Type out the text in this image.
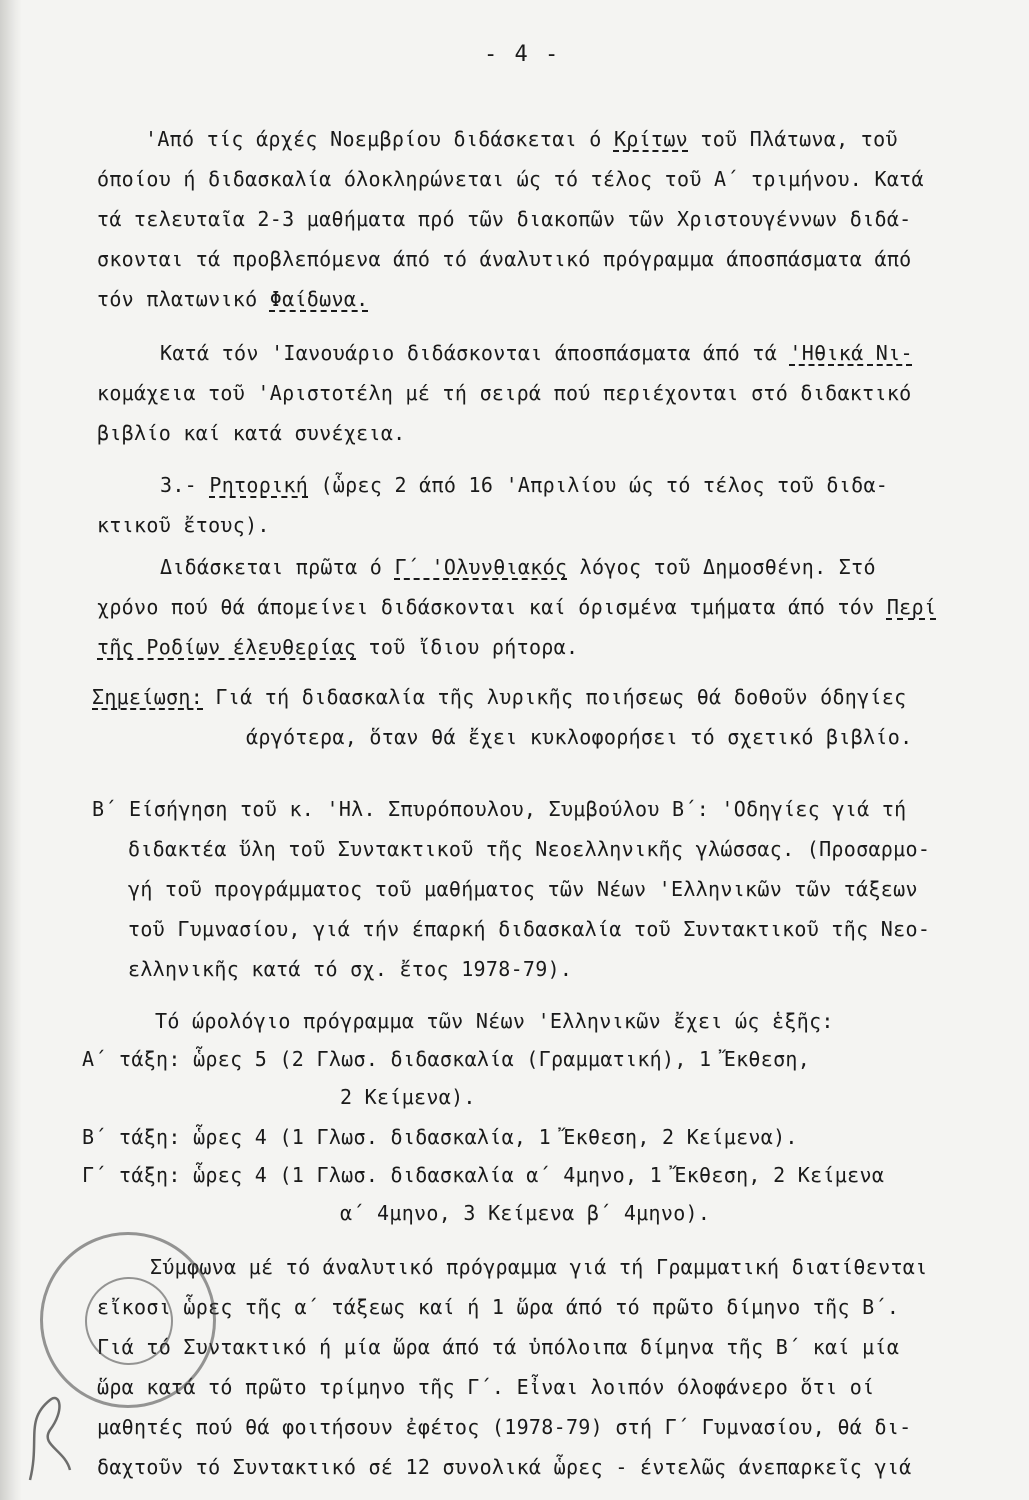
- 4 -
'Από τίς άρχές Νοεμβρίου διδάσκεται ό Κρίτων τοῦ Πλάτωνα, τοῦ
όποίου ή διδασκαλία όλοκληρώνεται ώς τό τέλος τοῦ Α΄ τριμήνου. Κατά
τά τελευταῖα 2-3 μαθήματα πρό τῶν διακοπῶν τῶν Χριστουγέννων διδά-
σκονται τά προβλεπόμενα άπό τό άναλυτικό πρόγραμμα άποσπάσματα άπό
τόν πλατωνικό Φαίδωνα.
Κατά τόν 'Ιανουάριο διδάσκονται άποσπάσματα άπό τά 'Ηθικά Νι-
κομάχεια τοῦ 'Αριστοτέλη μέ τή σειρά πού περιέχονται στό διδακτικό
βιβλίο καί κατά συνέχεια.
3.- Ρητορική (ὧρες 2 άπό 16 'Απριλίου ώς τό τέλος τοῦ διδα-
κτικοῦ ἔτους).
Διδάσκεται πρῶτα ό Γ΄ 'Ολυνθιακός λόγος τοῦ Δημοσθένη. Στό
χρόνο πού θά άπομείνει διδάσκονται καί όρισμένα τμήματα άπό τόν Περί
τῆς Ροδίων έλευθερίας τοῦ ἴδιου ρήτορα.
Σημείωση: Γιά τή διδασκαλία τῆς λυρικῆς ποιήσεως θά δοθοῦν όδηγίες
άργότερα, ὅταν θά ἔχει κυκλοφορήσει τό σχετικό βιβλίο.
Β΄ Είσήγηση τοῦ κ. 'Ηλ. Σπυρόπουλου, Συμβούλου Β΄: 'Οδηγίες γιά τή
διδακτέα ὕλη τοῦ Συντακτικοῦ τῆς Νεοελληνικῆς γλώσσας. (Προσαρμο-
γή τοῦ προγράμματος τοῦ μαθήματος τῶν Νέων 'Ελληνικῶν τῶν τάξεων
τοῦ Γυμνασίου, γιά τήν έπαρκή διδασκαλία τοῦ Συντακτικοῦ τῆς Νεο-
ελληνικῆς κατά τό σχ. ἔτος 1978-79).
Τό ώρολόγιο πρόγραμμα τῶν Νέων 'Ελληνικῶν ἔχει ώς ἑξῆς:
Α΄ τάξη: ὧρες 5 (2 Γλωσ. διδασκαλία (Γραμματική), 1 Ἔκθεση,
2 Κείμενα).
Β΄ τάξη: ὧρες 4 (1 Γλωσ. διδασκαλία, 1 Ἔκθεση, 2 Κείμενα).
Γ΄ τάξη: ὧρες 4 (1 Γλωσ. διδασκαλία α΄ 4μηνο, 1 Ἔκθεση, 2 Κείμενα
α΄ 4μηνο, 3 Κείμενα β΄ 4μηνο).
Σύμφωνα μέ τό άναλυτικό πρόγραμμα γιά τή Γραμματική διατίθενται
εἴκοσι ὧρες τῆς α΄ τάξεως καί ή 1 ὥρα άπό τό πρῶτο δίμηνο τῆς Β΄.
Γιά τό Συντακτικό ή μία ὥρα άπό τά ὑπόλοιπα δίμηνα τῆς Β΄ καί μία
ὥρα κατά τό πρῶτο τρίμηνο τῆς Γ΄. Εἶναι λοιπόν όλοφάνερο ὅτι οί
μαθητές πού θά φοιτήσουν ἐφέτος (1978-79) στή Γ΄ Γυμνασίου, θά δι-
δαχτοῦν τό Συντακτικό σέ 12 συνολικά ὧρες - έντελῶς άνεπαρκεῖς γιά
